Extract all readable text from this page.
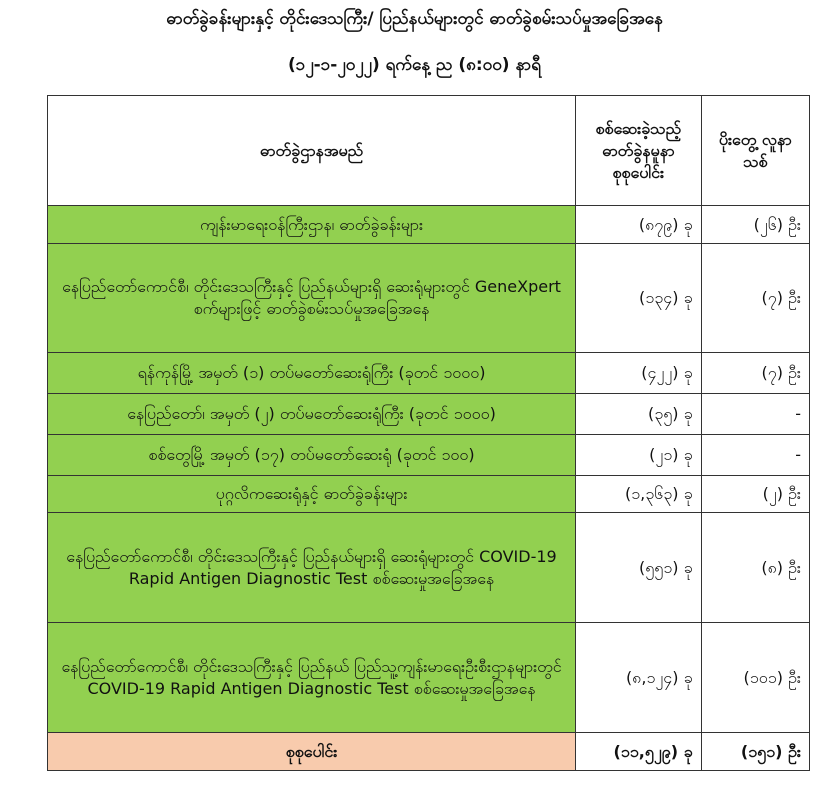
ဓာတ်ခွဲခန်းများနှင့် တိုင်းဒေသကြီး/ ပြည်နယ်များတွင် ဓာတ်ခွဲစမ်းသပ်မှုအခြေအနေ
(၁၂-၁-၂၀၂၂) ရက်နေ့ ည (၈:၀၀) နာရီ
ဓာတ်ခွဲဌာနအမည်	စစ်ဆေးခဲ့သည့် ဓာတ်ခွဲနမူနာ စုစုပေါင်း	ပိုးတွေ့ လူနာသစ်
ကျန်းမာရေးဝန်ကြီးဌာန၊ ဓာတ်ခွဲခန်းများ	(၈၇၉) ခု	(၂၆) ဦး
နေပြည်တော်ကောင်စီ၊ တိုင်းဒေသကြီးနှင့် ပြည်နယ်များရှိ ဆေးရုံများတွင် GeneXpert စက်များဖြင့် ဓာတ်ခွဲစမ်းသပ်မှုအခြေအနေ	(၁၃၄) ခု	(၇) ဦး
ရန်ကုန်မြို့ အမှတ် (၁) တပ်မတော်ဆေးရုံကြီး (ခုတင် ၁၀၀၀)	(၄၂၂) ခု	(၇) ဦး
နေပြည်တော်၊ အမှတ် (၂) တပ်မတော်ဆေးရုံကြီး (ခုတင် ၁၀၀၀)	(၃၅) ခု	-
စစ်တွေမြို့ အမှတ် (၁၇) တပ်မတော်ဆေးရုံ (ခုတင် ၁၀၀)	(၂၁) ခု	-
ပုဂ္ဂလိကဆေးရုံနှင့် ဓာတ်ခွဲခန်းများ	(၁,၃၆၃) ခု	(၂) ဦး
နေပြည်တော်ကောင်စီ၊ တိုင်းဒေသကြီးနှင့် ပြည်နယ်များရှိ ဆေးရုံများတွင် COVID-19 Rapid Antigen Diagnostic Test စစ်ဆေးမှုအခြေအနေ	(၅၅၁) ခု	(၈) ဦး
နေပြည်တော်ကောင်စီ၊ တိုင်းဒေသကြီးနှင့် ပြည်နယ် ပြည်သူ့ကျန်းမာရေးဦးစီးဌာနများတွင် COVID-19 Rapid Antigen Diagnostic Test စစ်ဆေးမှုအခြေအနေ	(၈,၁၂၄) ခု	(၁၀၁) ဦး
စုစုပေါင်း	(၁၁,၅၂၉) ခု	(၁၅၁) ဦး
